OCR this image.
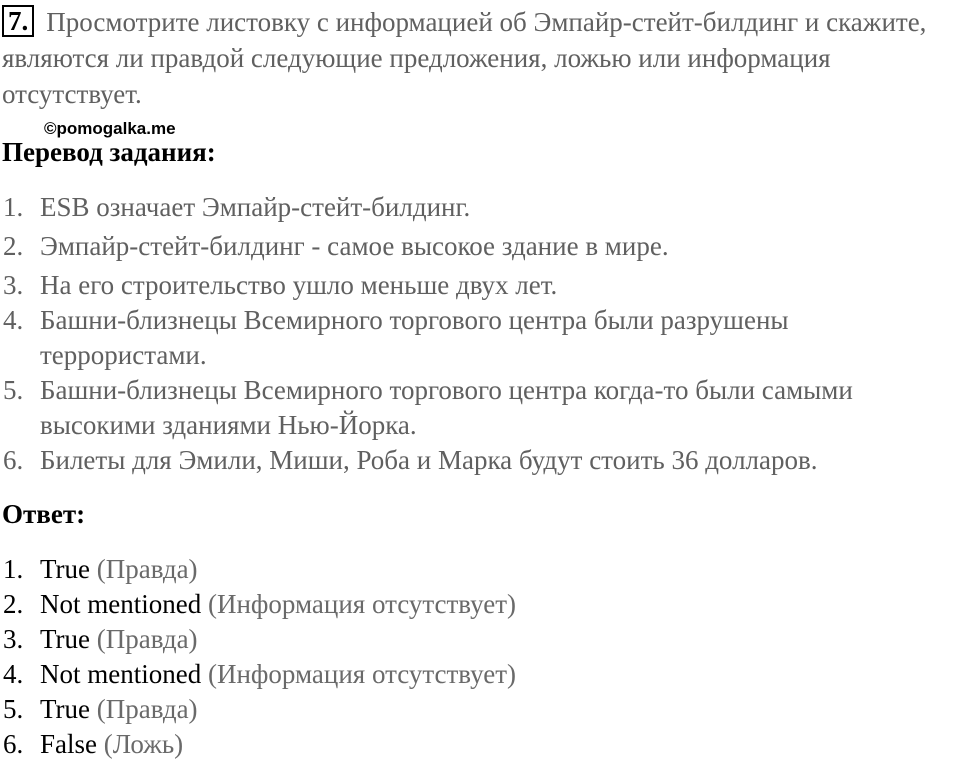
7. Просмотрите листовку с информацией об Эмпайр-стейт-билдинг и скажите, являются ли правдой следующие предложения, ложью или информация отсутствует.
©pomogalka.me
Перевод задания:
1. ESB означает Эмпайр-стейт-билдинг.
2. Эмпайр-стейт-билдинг - самое высокое здание в мире.
3. На его строительство ушло меньше двух лет.
4. Башни-близнецы Всемирного торгового центра были разрушены террористами.
5. Башни-близнецы Всемирного торгового центра когда-то были самыми высокими зданиями Нью-Йорка.
6. Билеты для Эмили, Миши, Роба и Марка будут стоить 36 долларов.
Ответ:
1. True (Правда)
2. Not mentioned (Информация отсутствует)
3. True (Правда)
4. Not mentioned (Информация отсутствует)
5. True (Правда)
6. False (Ложь)
